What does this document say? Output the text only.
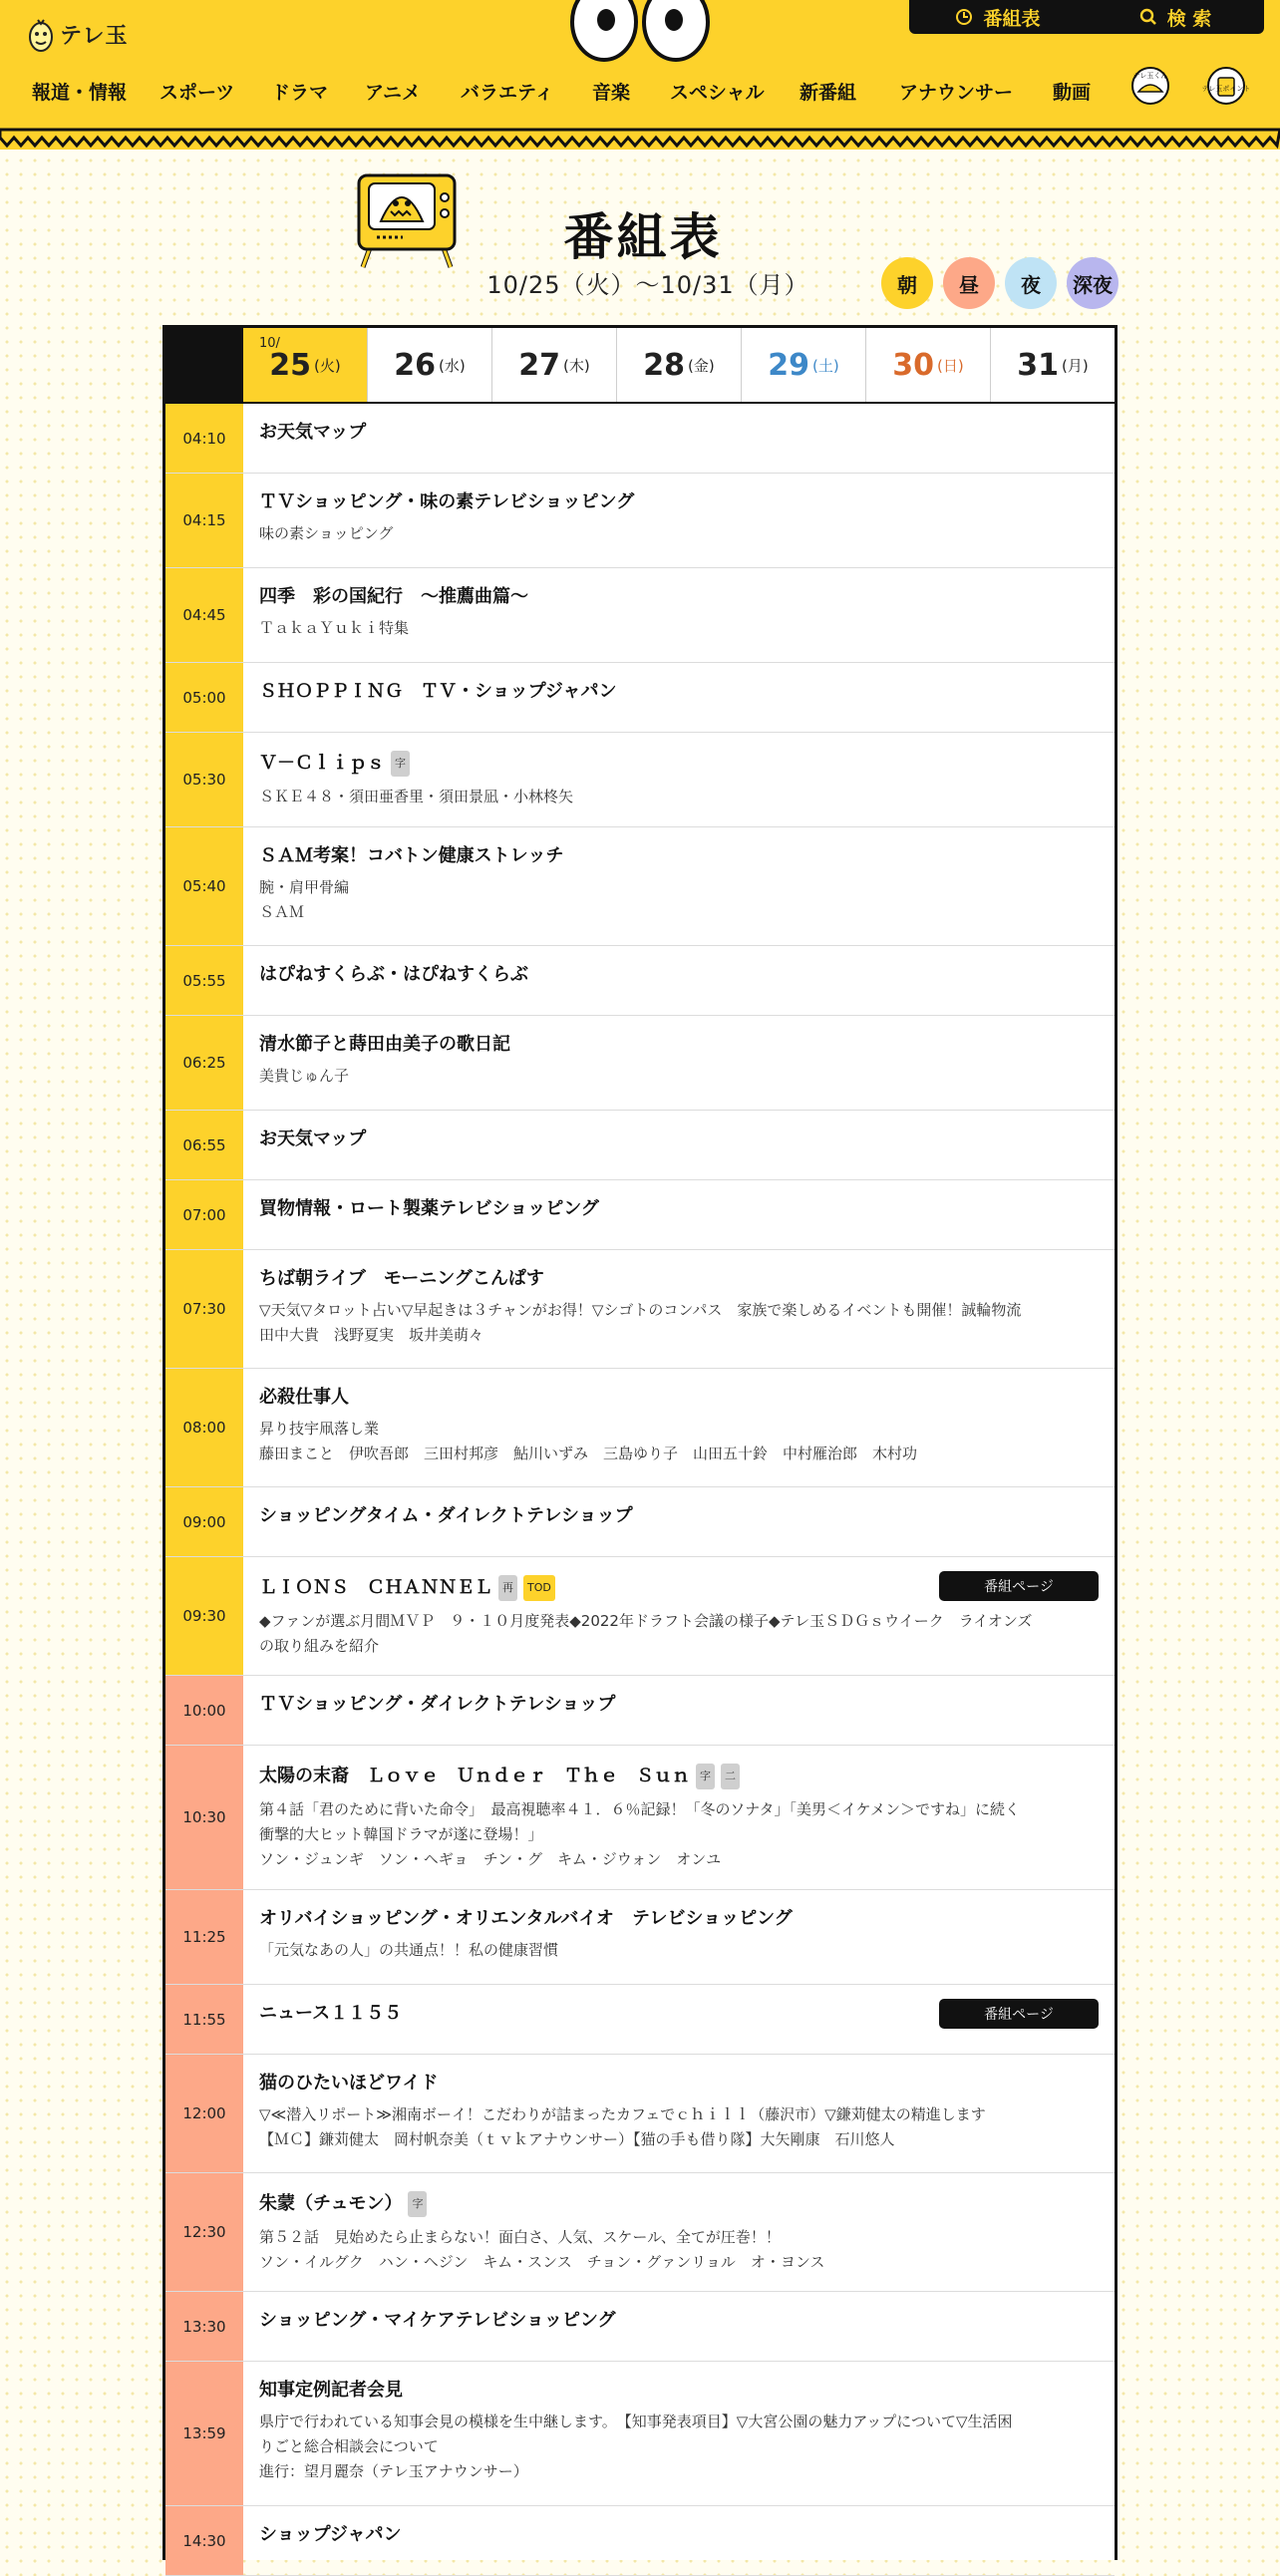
テレ玉
番組表	検 索
報道・情報 スポーツ ドラマ アニメ バラエティ 音楽 スペシャル 新番組 アナウンサー 動画
テレ玉くん
テレ玉ポイント
番組表
10/25（火）〜10/31（月）	朝	昼	夜	深夜
10/
25 (火) 26 (水) 27 (木) 28 (金) 29 (土) 30 (日) 31 (月)
04:10	お天気マップ
04:15
ＴＶショッピング・味の素テレビショッピング
味の素ショッピング
04:45
四季　彩の国紀行　～推薦曲篇～
ＴａｋａＹｕｋｉ特集
05:00	ＳＨＯＰＰＩＮＧ　ＴＶ・ショップジャパン
05:30
Ｖ－Ｃｌｉｐｓ 字
ＳＫＥ４８・須田亜香里・須田景凪・小林柊矢
05:40
ＳＡＭ考案！コバトン健康ストレッチ
腕・肩甲骨編
ＳＡＭ
05:55	はぴねすくらぶ・はぴねすくらぶ
06:25
清水節子と蒔田由美子の歌日記
美貴じゅん子
06:55	お天気マップ
07:00	買物情報・ロート製薬テレビショッピング
07:30
ちば朝ライブ　モーニングこんぱす
▽天気▽タロット占い▽早起きは３チャンがお得！▽シゴトのコンパス　家族で楽しめるイベントも開催！誠輪物流
田中大貴　浅野夏実　坂井美萌々
08:00
必殺仕事人
昇り技宇凧落し業
藤田まこと　伊吹吾郎　三田村邦彦　鮎川いずみ　三島ゆり子　山田五十鈴　中村雁治郎　木村功
09:00	ショッピングタイム・ダイレクトテレショップ
09:30
ＬＩＯＮＳ　ＣＨＡＮＮＥＬ 再	TOD
◆ファンが選ぶ月間ＭＶＰ　９・１０月度発表◆2022年ドラフト会議の様子◆テレ玉ＳＤＧｓウイーク　ライオンズ
の取り組みを紹介
番組ページ
10:00	ＴＶショッピング・ダイレクトテレショップ
10:30
太陽の末裔　Ｌｏｖｅ　Ｕｎｄｅｒ　Ｔｈｅ　Ｓｕｎ 字	二
第４話「君のために背いた命令」　最高視聴率４１．６％記録！「冬のソナタ」「美男＜イケメン＞ですね」に続く
衝撃的大ヒット韓国ドラマが遂に登場！」
ソン・ジュンギ　ソン・ヘギョ　チン・グ　キム・ジウォン　オンユ
11:25
オリバイショッピング・オリエンタルバイオ　テレビショッピング
「元気なあの人」の共通点！！私の健康習慣
11:55	ニュース１１５５	番組ページ
12:00
猫のひたいほどワイド
▽≪潜入リポート≫湘南ボーイ！こだわりが詰まったカフェでｃｈｉｌｌ（藤沢市）▽鎌苅健太の精進します
【ＭＣ】鎌苅健太　岡村帆奈美（ｔｖｋアナウンサー）【猫の手も借り隊】大矢剛康　石川悠人
12:30
朱蒙（チュモン） 字
第５２話　見始めたら止まらない！面白さ、人気、スケール、全てが圧巻！！
ソン・イルグク　ハン・ヘジン　キム・スンス　チョン・グァンリョル　オ・ヨンス
13:30	ショッピング・マイケアテレビショッピング
13:59
知事定例記者会見
県庁で行われている知事会見の模様を生中継します。　【知事発表項目】▽大宮公園の魅力アップについて▽生活困
りごと総合相談会について
進行：望月麗奈（テレ玉アナウンサー）
14:30	ショップジャパン
